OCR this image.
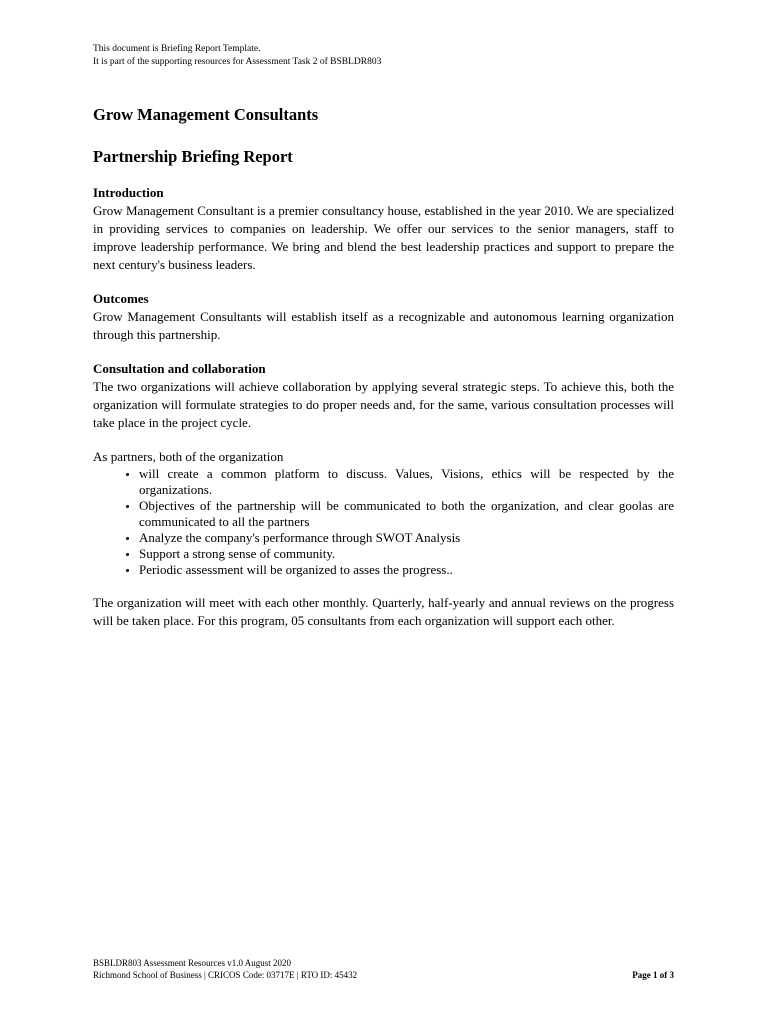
This document is Briefing Report Template.
It is part of the supporting resources for Assessment Task 2 of BSBLDR803
Grow Management Consultants
Partnership Briefing Report
Introduction

Grow Management Consultant is a premier consultancy house, established in the year 2010. We are specialized in providing services to companies on leadership. We offer our services to the senior managers, staff to improve leadership performance. We bring and blend the best leadership practices and support to prepare the next century's business leaders.

Outcomes

Grow Management Consultants will establish itself as a recognizable and autonomous learning organization through this partnership.

Consultation and collaboration

The two organizations will achieve collaboration by applying several strategic steps. To achieve this, both the organization will formulate strategies to do proper needs and, for the same, various consultation processes will take place in the project cycle.

As partners, both of the organization

• will create a common platform to discuss. Values, Visions, ethics will be respected by the organizations.
• Objectives of the partnership will be communicated to both the organization, and clear goolas are communicated to all the partners
• Analyze the company's performance through SWOT Analysis
• Support a strong sense of community.
• Periodic assessment will be organized to asses the progress..

The organization will meet with each other monthly. Quarterly, half-yearly and annual reviews on the progress will be taken place. For this program, 05 consultants from each organization will support each other.

BSBLDR803 Assessment Resources v1.0 August 2020
Richmond School of Business | CRICOS Code: 03717E | RTO ID: 45432	Page 1 of 3
